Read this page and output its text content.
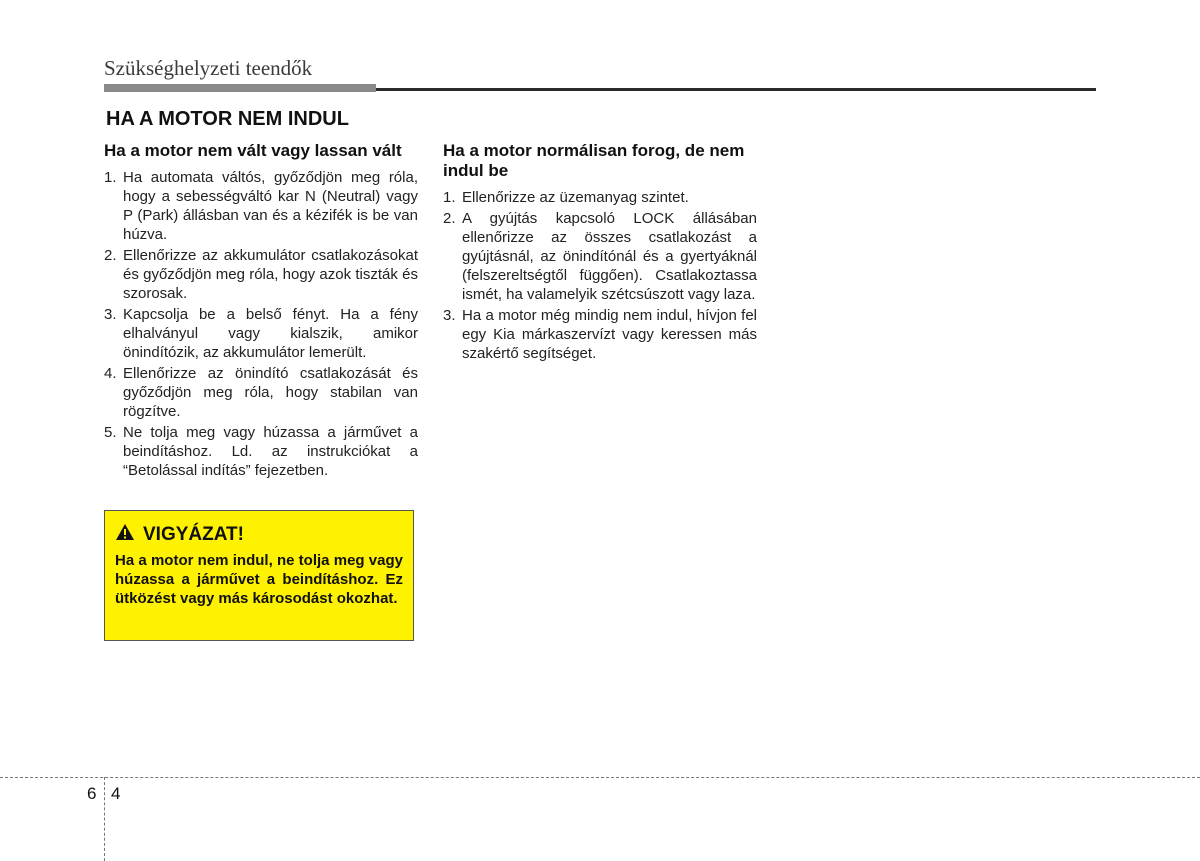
Szükséghelyzeti teendők
HA A MOTOR NEM INDUL
Ha a motor nem vált vagy lassan vált
1. Ha automata váltós, győződjön meg róla, hogy a sebességváltó kar N (Neutral) vagy P (Park) állásban van és a kézifék is be van húzva.
2. Ellenőrizze az akkumulátor csatlakozásokat és győződjön meg róla, hogy azok tiszták és szorosak.
3. Kapcsolja be a belső fényt. Ha a fény elhalványul vagy kialszik, amikor önindítózik, az akkumulátor lemerült.
4. Ellenőrizze az önindító csatlakozását és győződjön meg róla, hogy stabilan van rögzítve.
5. Ne tolja meg vagy húzassa a járművet a beindításhoz. Ld. az instrukciókat a “Betolással indítás” fejezetben.
VIGYÁZAT!
Ha a motor nem indul, ne tolja meg vagy húzassa a járművet a beindításhoz. Ez ütközést vagy más károsodást okozhat.
Ha a motor normálisan forog, de nem indul be
1. Ellenőrizze az üzemanyag szintet.
2. A gyújtás kapcsoló LOCK állásában ellenőrizze az összes csatlakozást a gyújtásnál, az önindítónál és a gyertyáknál (felszereltségtől függően). Csatlakoztassa ismét, ha valamelyik szétcsúszott vagy laza.
3. Ha a motor még mindig nem indul, hívjon fel egy Kia márkaszervízt vagy keressen más szakértő segítséget.
6 4
